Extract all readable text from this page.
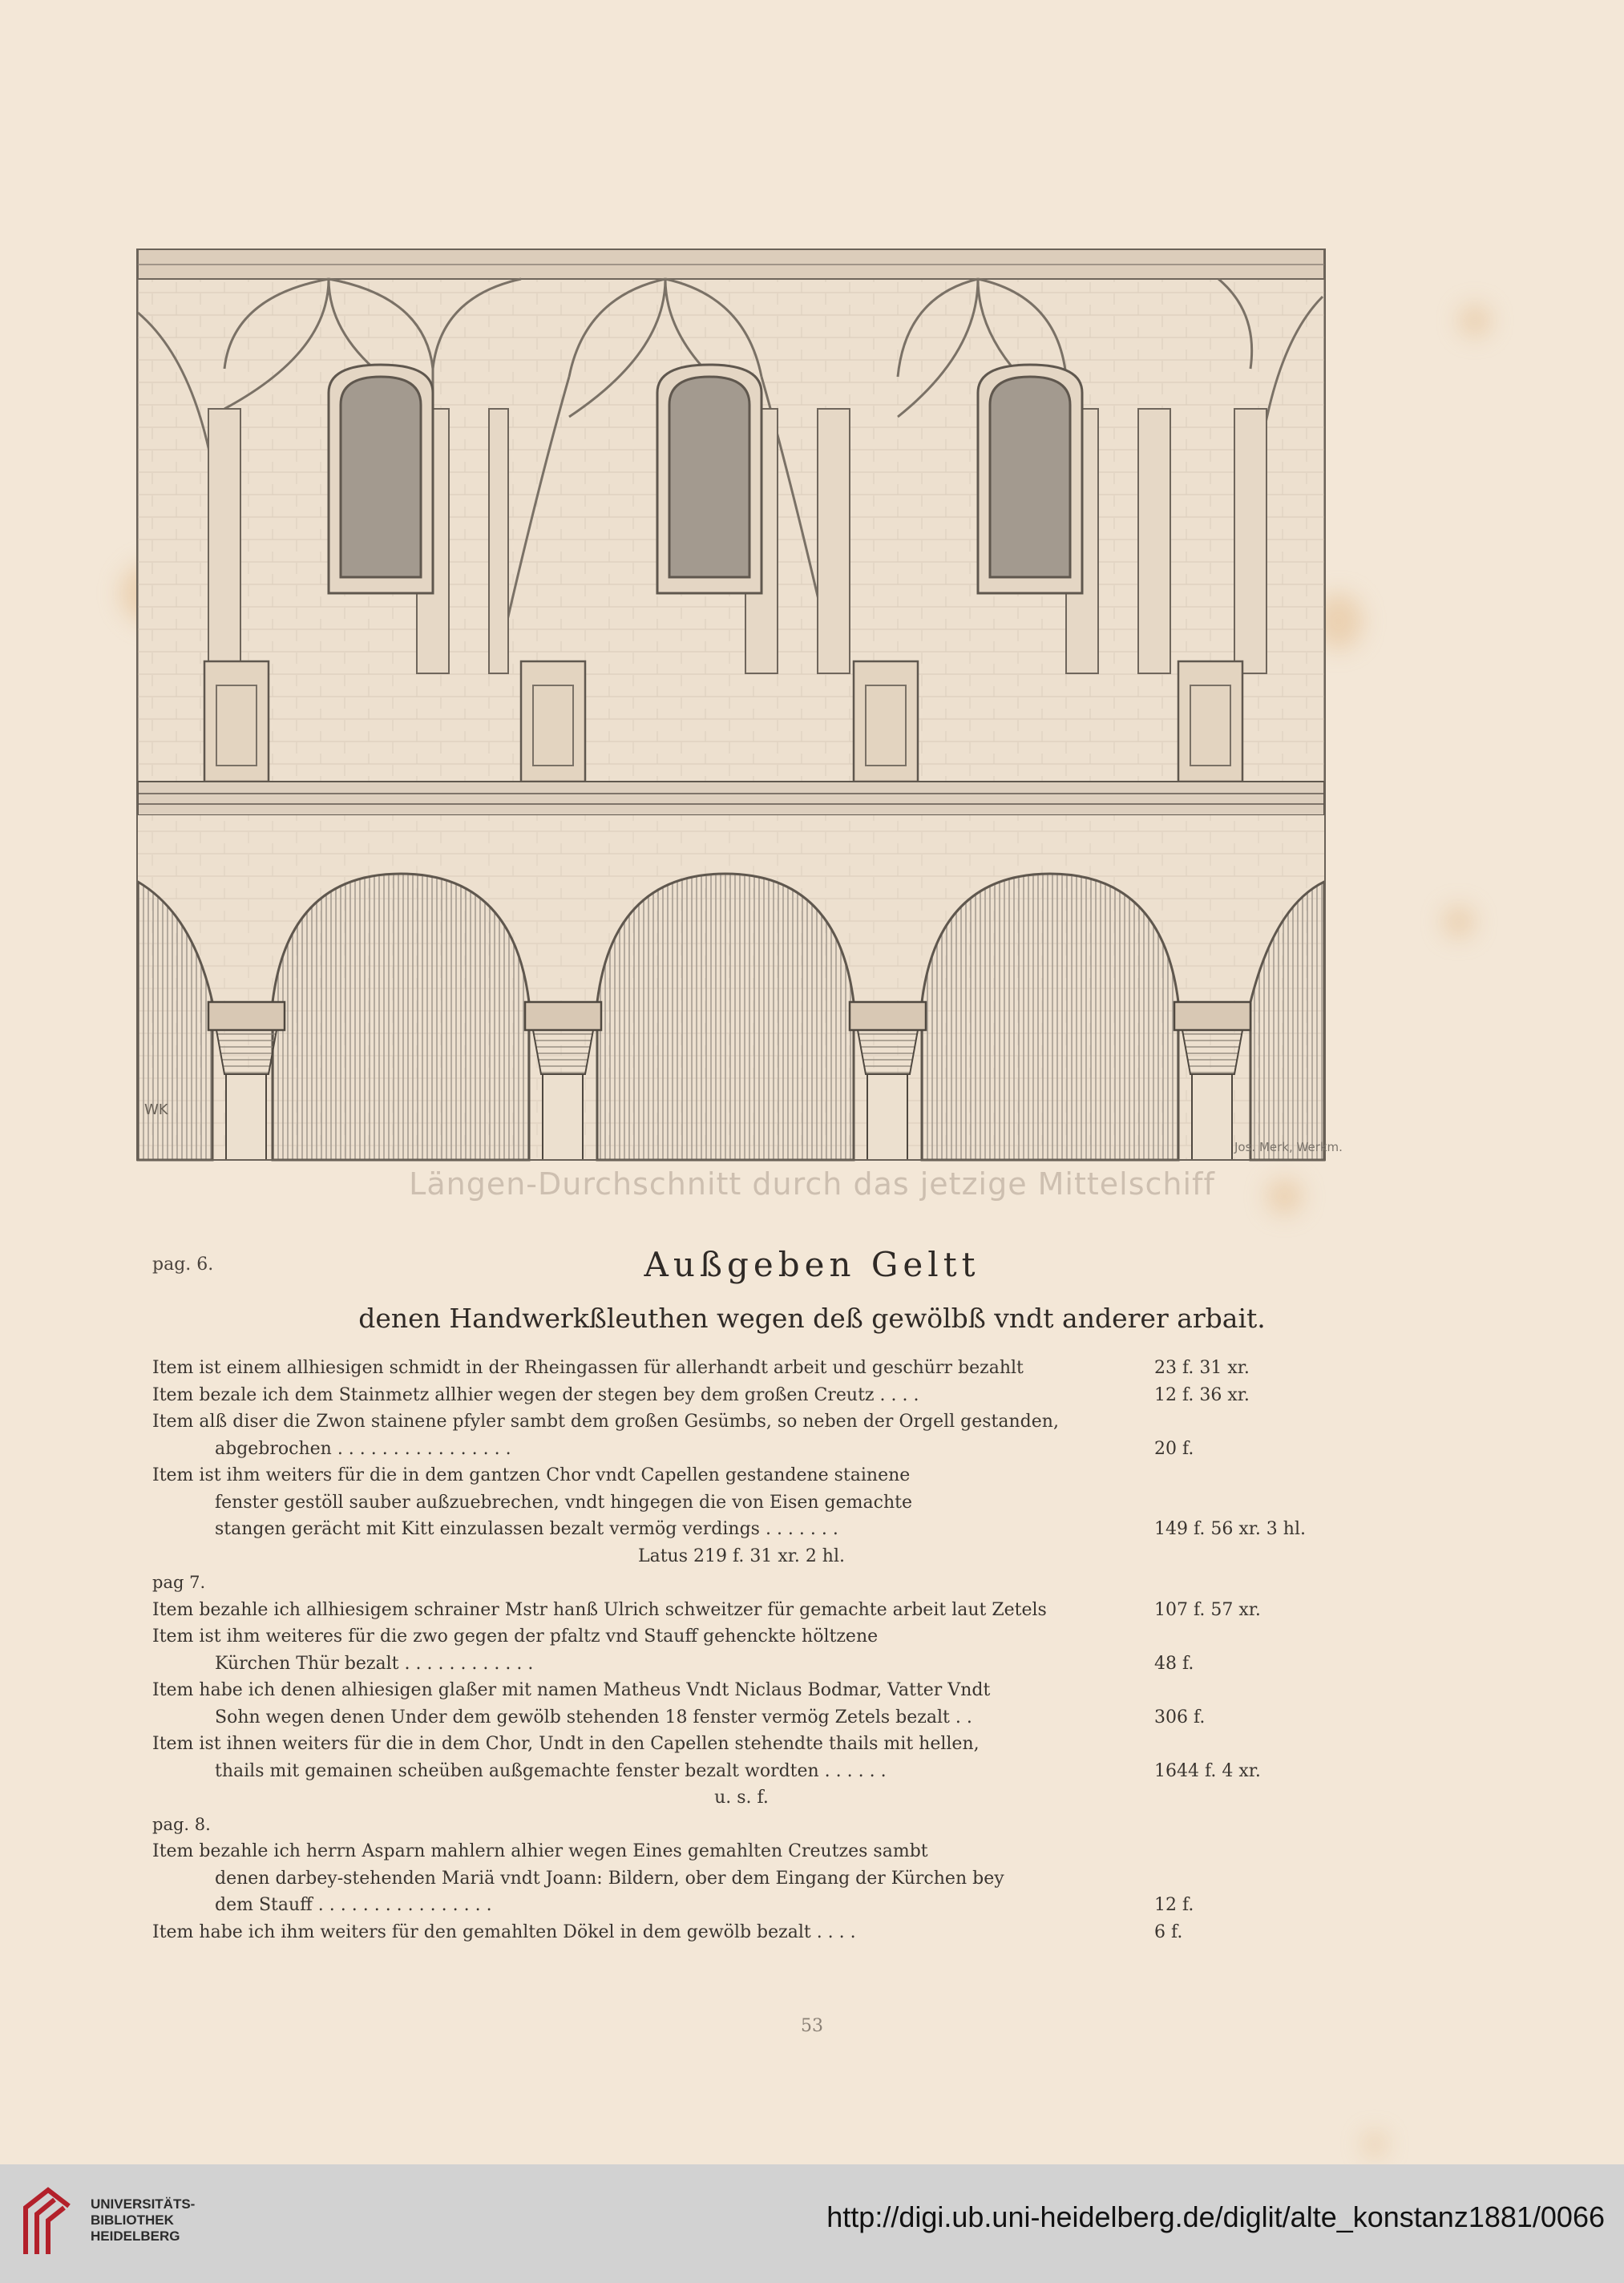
WK
Jos. Merk, Werkm.
Längen-Durchschnitt durch das jetzige Mittelschiff
pag. 6.	Außgeben Geltt
denen Handwerkßleuthen wegen deß gewölbß vndt anderer arbait.
Item ist einem allhiesigen schmidt in der Rheingassen für allerhandt arbeit und geschürr bezahlt	23 f. 31 xr.
Item bezale ich dem Stainmetz allhier wegen der stegen bey dem großen Creutz . . . .	12 f. 36 xr.
Item alß diser die Zwon stainene pfyler sambt dem großen Gesümbs, so neben der Orgell gestanden,
abgebrochen . . . . . . . . . . . . . . . .	20 f.
Item ist ihm weiters für die in dem gantzen Chor vndt Capellen gestandene stainene
fenster gestöll sauber außzuebrechen, vndt hingegen die von Eisen gemachte
stangen gerächt mit Kitt einzulassen bezalt vermög verdings . . . . . . .	149 f. 56 xr. 3 hl.
Latus 219 f. 31 xr. 2 hl.
pag 7.
Item bezahle ich allhiesigem schrainer Mstr hanß Ulrich schweitzer für gemachte arbeit laut Zetels	107 f. 57 xr.
Item ist ihm weiteres für die zwo gegen der pfaltz vnd Stauff gehenckte höltzene
Kürchen Thür bezalt . . . . . . . . . . . .	48 f.
Item habe ich denen alhiesigen glaßer mit namen Matheus Vndt Niclaus Bodmar, Vatter Vndt
Sohn wegen denen Under dem gewölb stehenden 18 fenster vermög Zetels bezalt . .	306 f.
Item ist ihnen weiters für die in dem Chor, Undt in den Capellen stehendte thails mit hellen,
thails mit gemainen scheüben außgemachte fenster bezalt wordten . . . . . .	1644 f. 4 xr.
u. s. f.
pag. 8.
Item bezahle ich herrn Asparn mahlern alhier wegen Eines gemahlten Creutzes sambt
denen darbey-stehenden Mariä vndt Joann: Bildern, ober dem Eingang der Kürchen bey
dem Stauff . . . . . . . . . . . . . . . .	12 f.
Item habe ich ihm weiters für den gemahlten Dökel in dem gewölb bezalt . . . .	6 f.
53
UNIVERSITÄTS-
BIBLIOTHEK
HEIDELBERG
http://digi.ub.uni-heidelberg.de/diglit/alte_konstanz1881/0066
